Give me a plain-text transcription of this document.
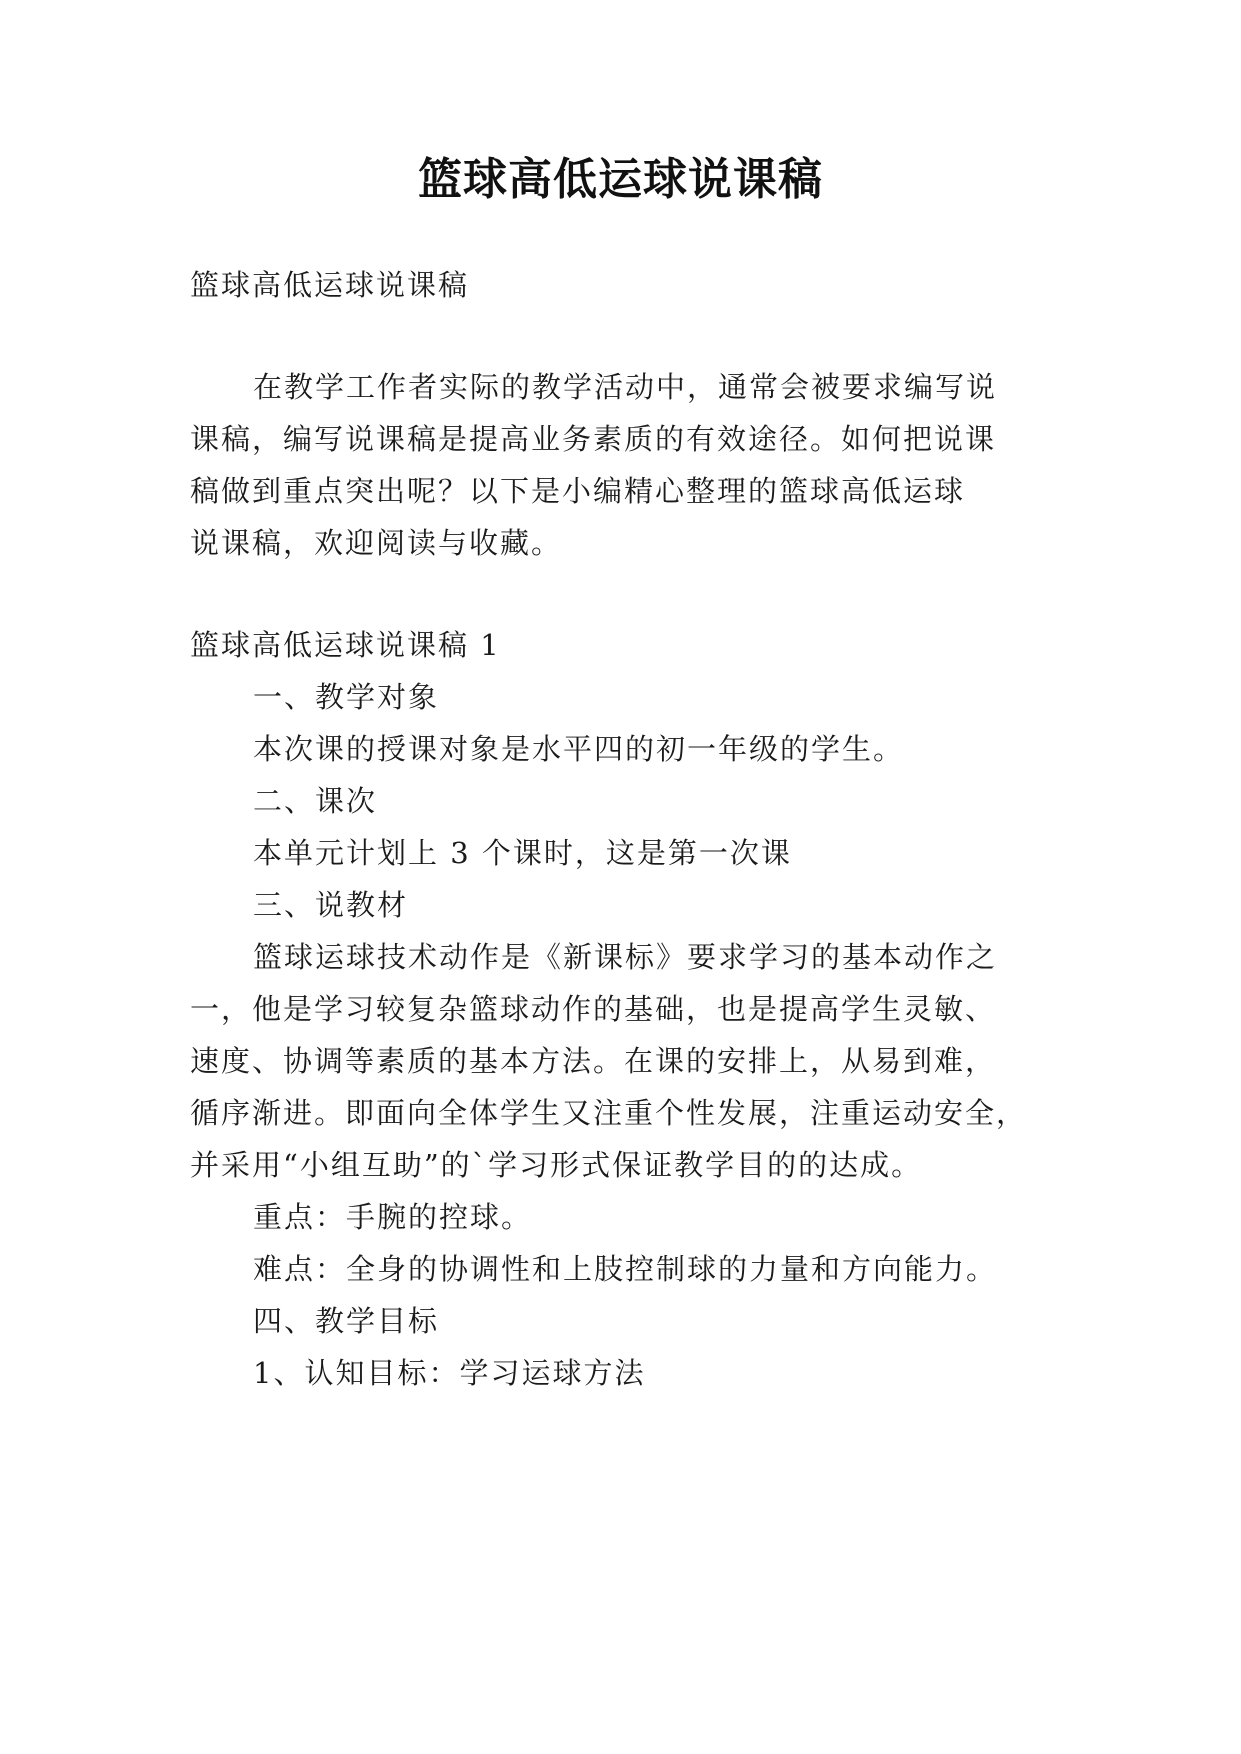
篮球高低运球说课稿
篮球高低运球说课稿
在教学工作者实际的教学活动中，通常会被要求编写说
课稿，编写说课稿是提高业务素质的有效途径。如何把说课
稿做到重点突出呢？以下是小编精心整理的篮球高低运球
说课稿，欢迎阅读与收藏。
篮球高低运球说课稿 1
一、教学对象
本次课的授课对象是水平四的初一年级的学生。
二、课次
本单元计划上 3 个课时，这是第一次课
三、说教材
篮球运球技术动作是《新课标》要求学习的基本动作之
一，他是学习较复杂篮球动作的基础，也是提高学生灵敏、
速度、协调等素质的基本方法。在课的安排上，从易到难，
循序渐进。即面向全体学生又注重个性发展，注重运动安全，
并采用“小组互助”的`学习形式保证教学目的的达成。
重点：手腕的控球。
难点：全身的协调性和上肢控制球的力量和方向能力。
四、教学目标
1、认知目标：学习运球方法
